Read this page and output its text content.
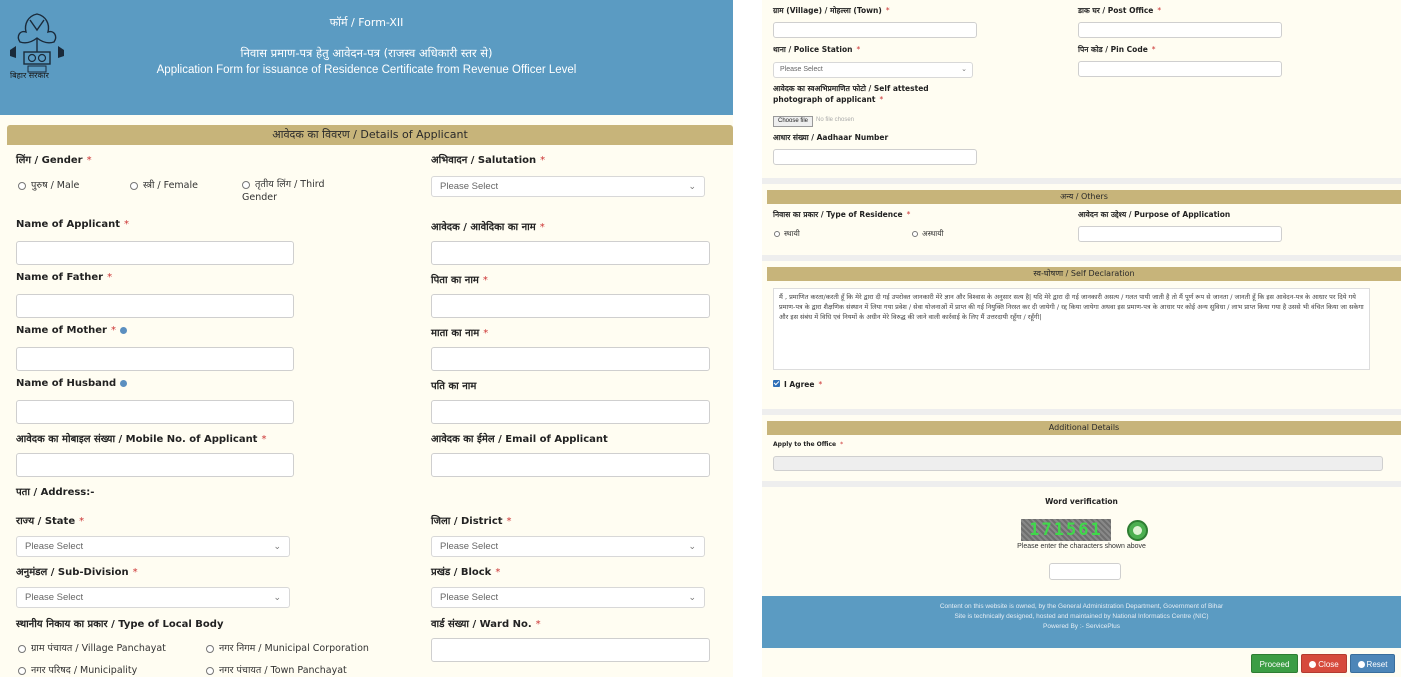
बिहार सरकार
फॉर्म / Form-XII
निवास प्रमाण-पत्र हेतु आवेदन-पत्र (राजस्व अधिकारी स्तर से)
Application Form for issuance of Residence Certificate from Revenue Officer Level
आवेदक का विवरण / Details of Applicant
लिंग / Gender *
पुरुष / Male	स्त्री / Female	तृतीय लिंग / Third
Gender
अभिवादन / Salutation *
Please Select	⌄
Name of Applicant *	आवेदक / आवेदिका का नाम *
Name of Father *	पिता का नाम *
Name of Mother *	माता का नाम *
Name of Husband	पति का नाम
आवेदक का मोबाइल संख्या / Mobile No. of Applicant *	आवेदक का ईमेल / Email of Applicant
पता / Address:-
राज्य / State *
Please Select	⌄
जिला / District *
Please Select	⌄
अनुमंडल / Sub-Division *
Please Select	⌄
प्रखंड / Block *
Please Select	⌄
स्थानीय निकाय का प्रकार / Type of Local Body
ग्राम पंचायत / Village Panchayat	नगर निगम / Municipal Corporation
नगर परिषद / Municipality	नगर पंचायत / Town Panchayat
वार्ड संख्या / Ward No. *
ग्राम (Village) / मोहल्ला (Town) *	डाक घर / Post Office *
थाना / Police Station *
Please Select	⌄
पिन कोड / Pin Code *
आवेदक का स्वअभिप्रमाणित फोटो / Self attested
photograph of applicant *
Choose file	No file chosen
आधार संख्या / Aadhaar Number
अन्य / Others
निवास का प्रकार / Type of Residence *
स्थायी	अस्थायी
आवेदन का उद्देश्य / Purpose of Application
स्व-घोषणा / Self Declaration
मैं , प्रमाणित करता/करती हूँ कि मेरे द्वारा दी गई उपरोक्त जानकारी मेरे ज्ञान और विश्वास के अनुसार सत्य है| यदि मेरे द्वारा दी गई जानकारी असत्य / गलत पायी जाती है तो मैं पूर्ण रूप से जानता / जानती हूँ कि इस आवेदन-पत्र के आधार पर दिये गये प्रमाण-पत्र के द्वारा शैक्षणिक संस्थान में लिया गया प्रवेश / सेवा योजनाओं में प्राप्त की गई नियुक्ति निरस्त कर दी जायेगी / रद्द किया जायेगा अथवा इस प्रमाण-पत्र के आधार पर कोई अन्य सुविधा / लाभ प्राप्त किया गया है उससे भी वंचित किया जा सकेगा और इस संबंध में विधि एवं नियमों के अधीन मेरे विरुद्ध की जाने वाली कार्रवाई के लिए मैं उत्तरदायी रहूँगा / रहूँगी|
I Agree *
Additional Details
Apply to the Office *
Word verification
171561
Please enter the characters shown above
Content on this website is owned, by the General Administration Department, Government of Bihar
Site is technically designed, hosted and maintained by National Informatics Centre (NIC)
Powered By :- ServicePlus
Proceed	Close	Reset
